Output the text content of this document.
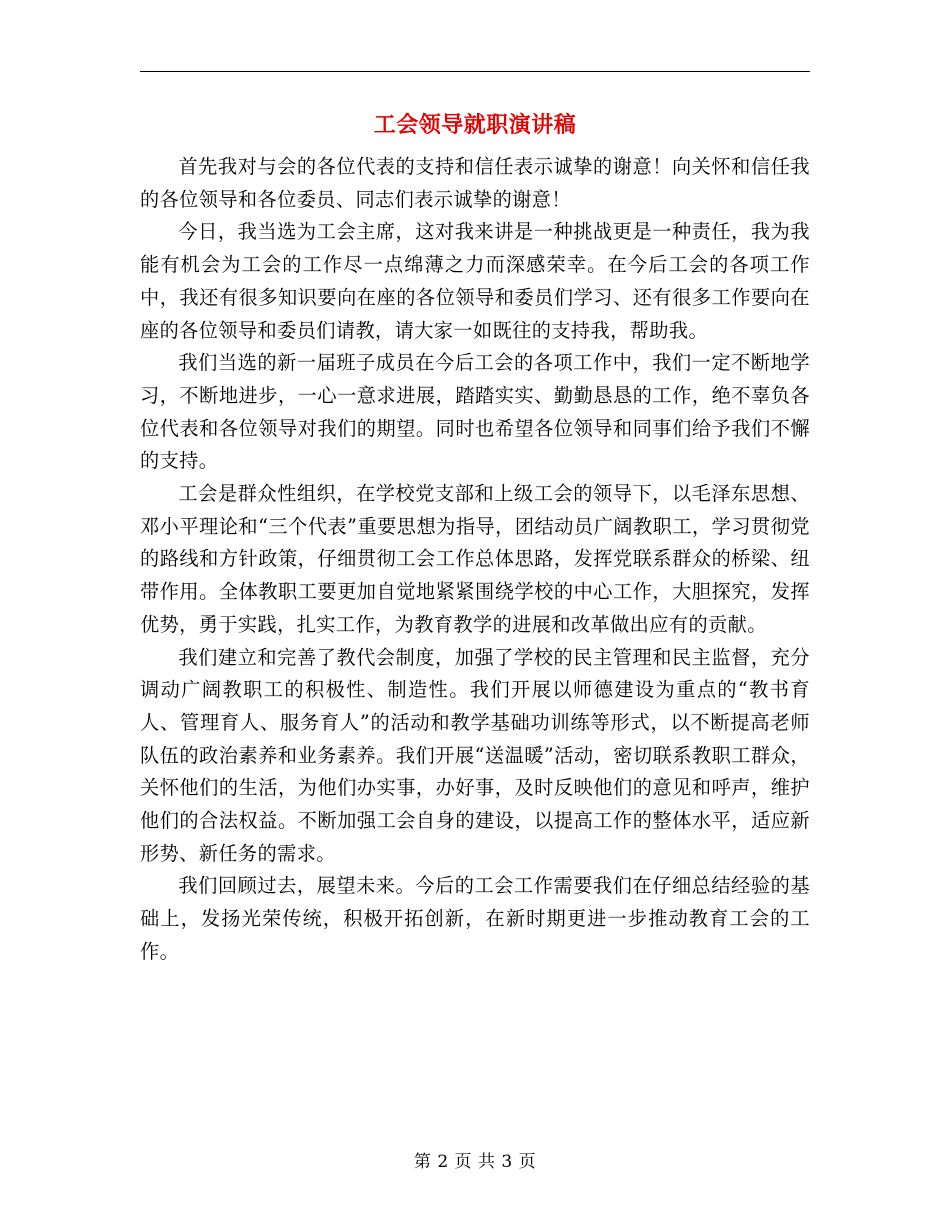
工会领导就职演讲稿

首先我对与会的各位代表的支持和信任表示诚挚的谢意！向关怀和信任我的各位领导和各位委员、同志们表示诚挚的谢意！

今日，我当选为工会主席，这对我来讲是一种挑战更是一种责任，我为我能有机会为工会的工作尽一点绵薄之力而深感荣幸。在今后工会的各项工作中，我还有很多知识要向在座的各位领导和委员们学习、还有很多工作要向在座的各位领导和委员们请教，请大家一如既往的支持我，帮助我。

我们当选的新一届班子成员在今后工会的各项工作中，我们一定不断地学习，不断地进步，一心一意求进展，踏踏实实、勤勤恳恳的工作，绝不辜负各位代表和各位领导对我们的期望。同时也希望各位领导和同事们给予我们不懈的支持。

工会是群众性组织，在学校党支部和上级工会的领导下，以毛泽东思想、邓小平理论和“三个代表”重要思想为指导，团结动员广阔教职工，学习贯彻党的路线和方针政策，仔细贯彻工会工作总体思路，发挥党联系群众的桥梁、纽带作用。全体教职工要更加自觉地紧紧围绕学校的中心工作，大胆探究，发挥优势，勇于实践，扎实工作，为教育教学的进展和改革做出应有的贡献。

我们建立和完善了教代会制度，加强了学校的民主管理和民主监督，充分调动广阔教职工的积极性、制造性。我们开展以师德建设为重点的“教书育人、管理育人、服务育人”的活动和教学基础功训练等形式，以不断提高老师队伍的政治素养和业务素养。我们开展“送温暖”活动，密切联系教职工群众，关怀他们的生活，为他们办实事，办好事，及时反映他们的意见和呼声，维护他们的合法权益。不断加强工会自身的建设，以提高工作的整体水平，适应新形势、新任务的需求。

我们回顾过去，展望未来。今后的工会工作需要我们在仔细总结经验的基础上，发扬光荣传统，积极开拓创新，在新时期更进一步推动教育工会的工作。

第 2 页 共 3 页
